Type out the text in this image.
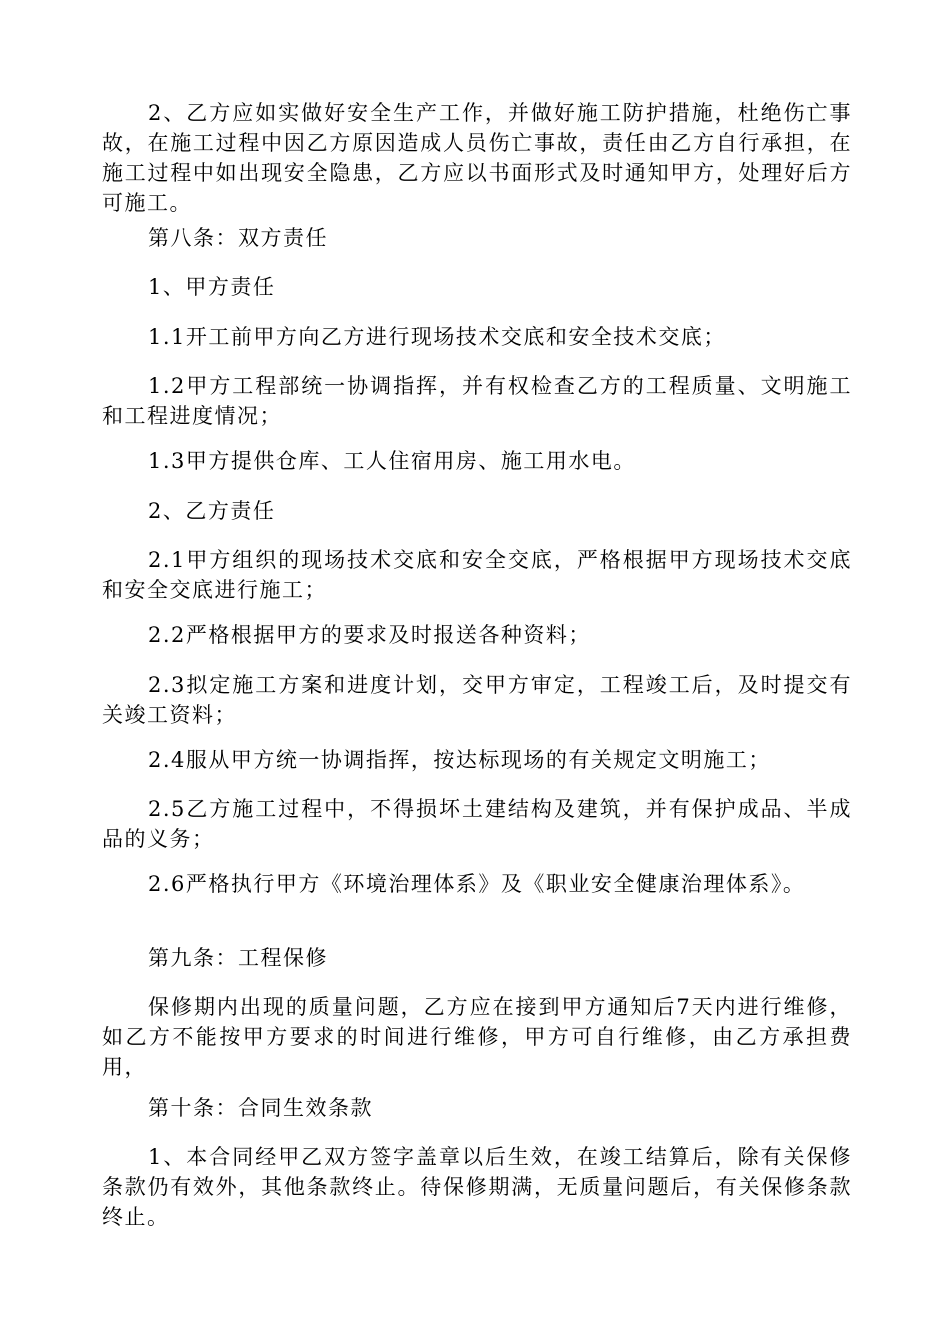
2、乙方应如实做好安全生产工作，并做好施工防护措施，杜绝伤亡事故，在施工过程中因乙方原因造成人员伤亡事故，责任由乙方自行承担，在施工过程中如出现安全隐患，乙方应以书面形式及时通知甲方，处理好后方可施工。

第八条：双方责任

1、甲方责任

1.1开工前甲方向乙方进行现场技术交底和安全技术交底；

1.2甲方工程部统一协调指挥，并有权检查乙方的工程质量、文明施工和工程进度情况；

1.3甲方提供仓库、工人住宿用房、施工用水电。

2、乙方责任

2.1甲方组织的现场技术交底和安全交底，严格根据甲方现场技术交底和安全交底进行施工；

2.2严格根据甲方的要求及时报送各种资料；

2.3拟定施工方案和进度计划，交甲方审定，工程竣工后，及时提交有关竣工资料；

2.4服从甲方统一协调指挥，按达标现场的有关规定文明施工；

2.5乙方施工过程中，不得损坏土建结构及建筑，并有保护成品、半成品的义务；

2.6严格执行甲方《环境治理体系》及《职业安全健康治理体系》。

第九条：工程保修

保修期内出现的质量问题，乙方应在接到甲方通知后7天内进行维修，如乙方不能按甲方要求的时间进行维修，甲方可自行维修，由乙方承担费用，

第十条：合同生效条款

1、本合同经甲乙双方签字盖章以后生效，在竣工结算后，除有关保修条款仍有效外，其他条款终止。待保修期满，无质量问题后，有关保修条款终止。
